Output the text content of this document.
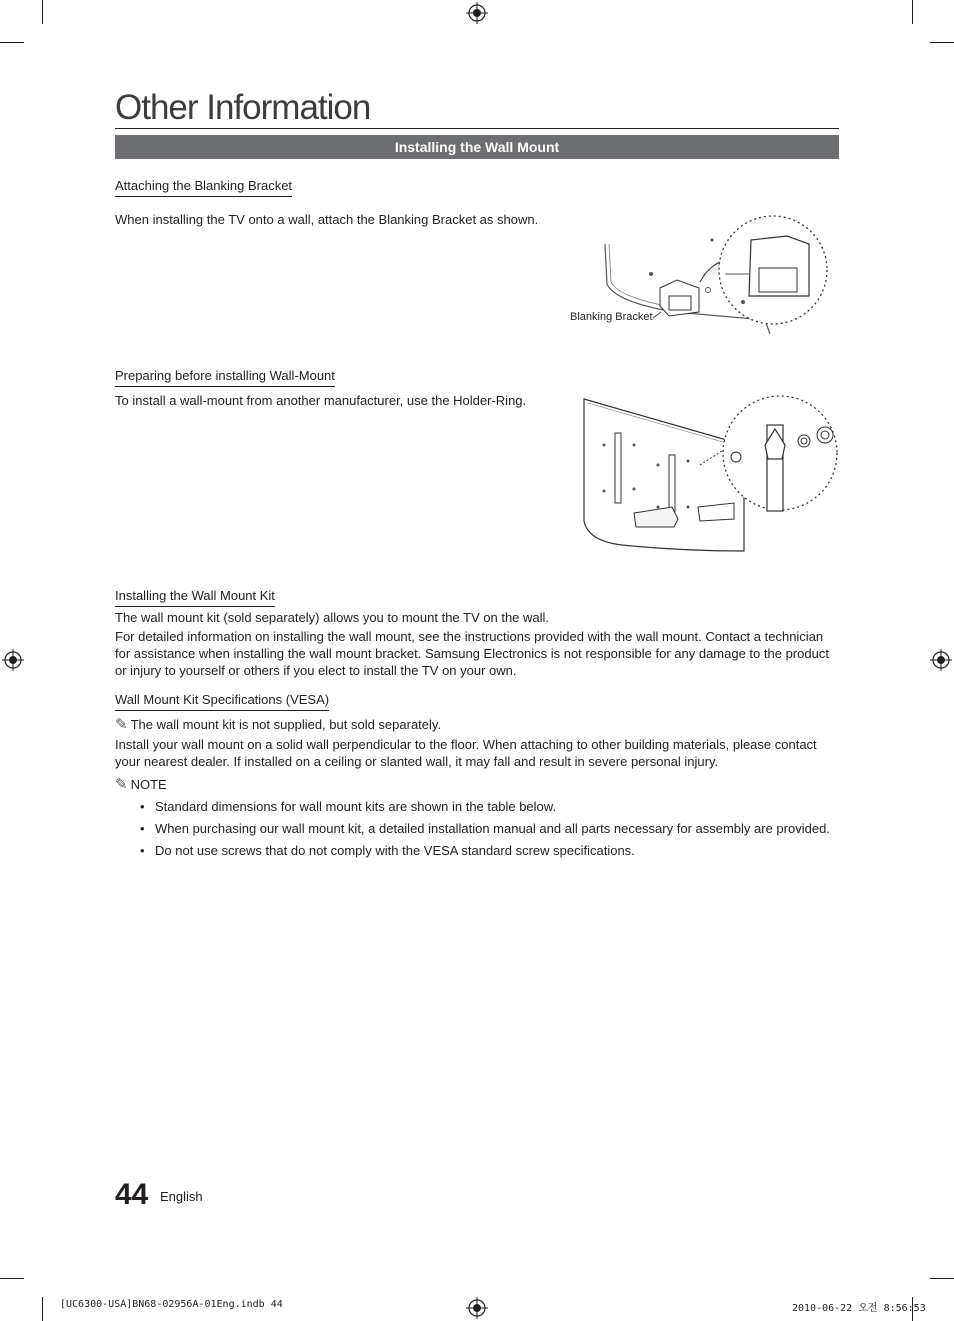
Other Information
Installing the Wall Mount
Attaching the Blanking Bracket
When installing the TV onto a wall, attach the Blanking Bracket as shown.
Blanking Bracket
Preparing before installing Wall-Mount
To install a wall-mount from another manufacturer, use the Holder-Ring.
Installing the Wall Mount Kit
The wall mount kit (sold separately) allows you to mount the TV on the wall.
For detailed information on installing the wall mount, see the instructions provided with the wall mount. Contact a technician for assistance when installing the wall mount bracket. Samsung Electronics is not responsible for any damage to the product or injury to yourself or others if you elect to install the TV on your own.
Wall Mount Kit Specifications (VESA)
✎ The wall mount kit is not supplied, but sold separately.
Install your wall mount on a solid wall perpendicular to the floor. When attaching to other building materials, please contact your nearest dealer. If installed on a ceiling or slanted wall, it may fall and result in severe personal injury.
✎ NOTE
• Standard dimensions for wall mount kits are shown in the table below.
• When purchasing our wall mount kit, a detailed installation manual and all parts necessary for assembly are provided.
• Do not use screws that do not comply with the VESA standard screw specifications.
44 English
[UC6300-USA]BN68-02956A-01Eng.indb 44	2010-06-22 오전 8:56:53
